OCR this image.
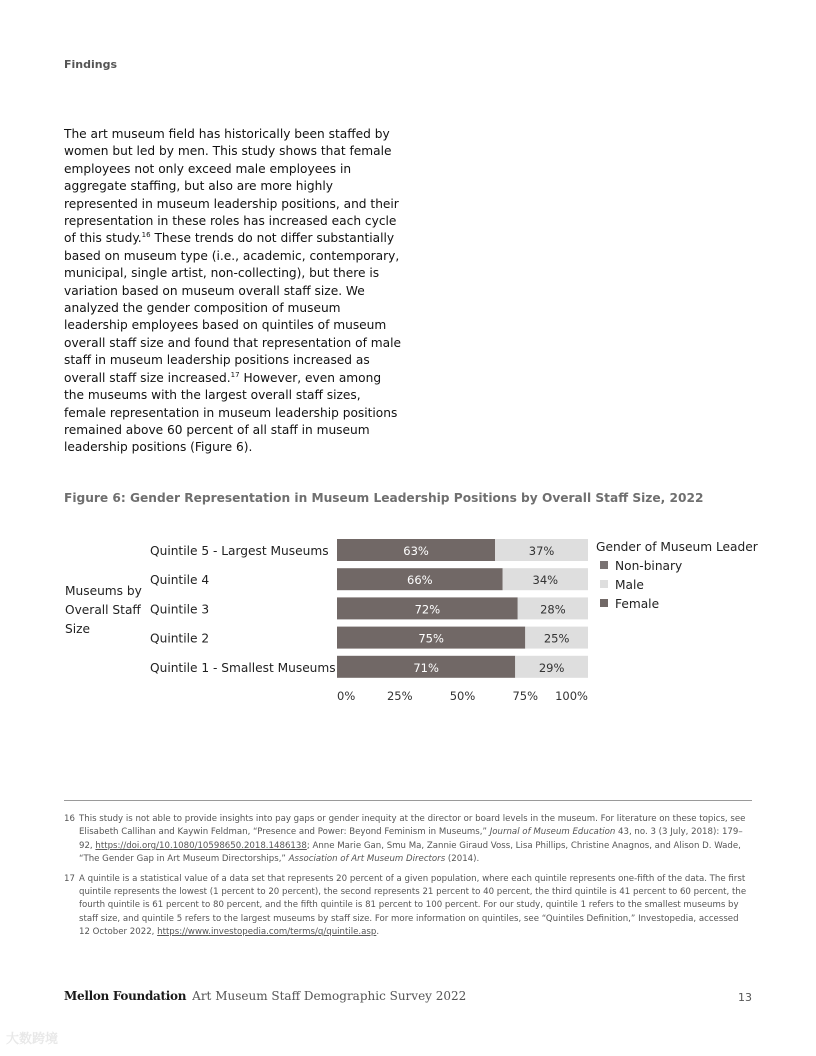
Findings
The art museum field has historically been staffed by women but led by men. This study shows that female employees not only exceed male employees in aggregate staffing, but also are more highly represented in museum leadership positions, and their representation in these roles has increased each cycle of this study.$^{16}$ These trends do not differ substantially based on museum type (i.e., academic, contemporary, municipal, single artist, non-collecting), but there is variation based on museum overall staff size. We analyzed the gender composition of museum leadership employees based on quintiles of museum overall staff size and found that representation of male staff in museum leadership positions increased as overall staff size increased.$^{17}$ However, even among the museums with the largest overall staff sizes, female representation in museum leadership positions remained above 60 percent of all staff in museum leadership positions (Figure 6).
Figure 6: Gender Representation in Museum Leadership Positions by Overall Staff Size, 2022
Quintile 5 - Largest Museums	63%	37%
Quintile 4	66%	34%
Quintile 3	72%	28%
Quintile 2	75%	25%
Quintile 1 - Smallest Museums	71%	29%
Museums by
Overall Staff
Size
0%	25%	50%	75% 100%
Gender of Museum Leader
Non-binary
Male
Female
16 This study is not able to provide insights into pay gaps or gender inequity at the director or board levels in the museum. For literature on these topics, see Elisabeth Callihan and Kaywin Feldman, “Presence and Power: Beyond Feminism in Museums,” Journal of Museum Education 43, no. 3 (3 July, 2018): 179–92, https://doi.org/10.1080/10598650.2018.1486138; Anne Marie Gan, Smu Ma, Zannie Giraud Voss, Lisa Phillips, Christine Anagnos, and Alison D. Wade, “The Gender Gap in Art Museum Directorships,” Association of Art Museum Directors (2014).
17 A quintile is a statistical value of a data set that represents 20 percent of a given population, where each quintile represents one-fifth of the data. The first quintile represents the lowest (1 percent to 20 percent), the second represents 21 percent to 40 percent, the third quintile is 41 percent to 60 percent, the fourth quintile is 61 percent to 80 percent, and the fifth quintile is 81 percent to 100 percent. For our study, quintile 1 refers to the smallest museums by staff size, and quintile 5 refers to the largest museums by staff size. For more information on quintiles, see “Quintiles Definition,” Investopedia, accessed 12 October 2022, https://www.investopedia.com/terms/q/quintile.asp.
Mellon Foundation Art Museum Staff Demographic Survey 2022	13
大数跨境
